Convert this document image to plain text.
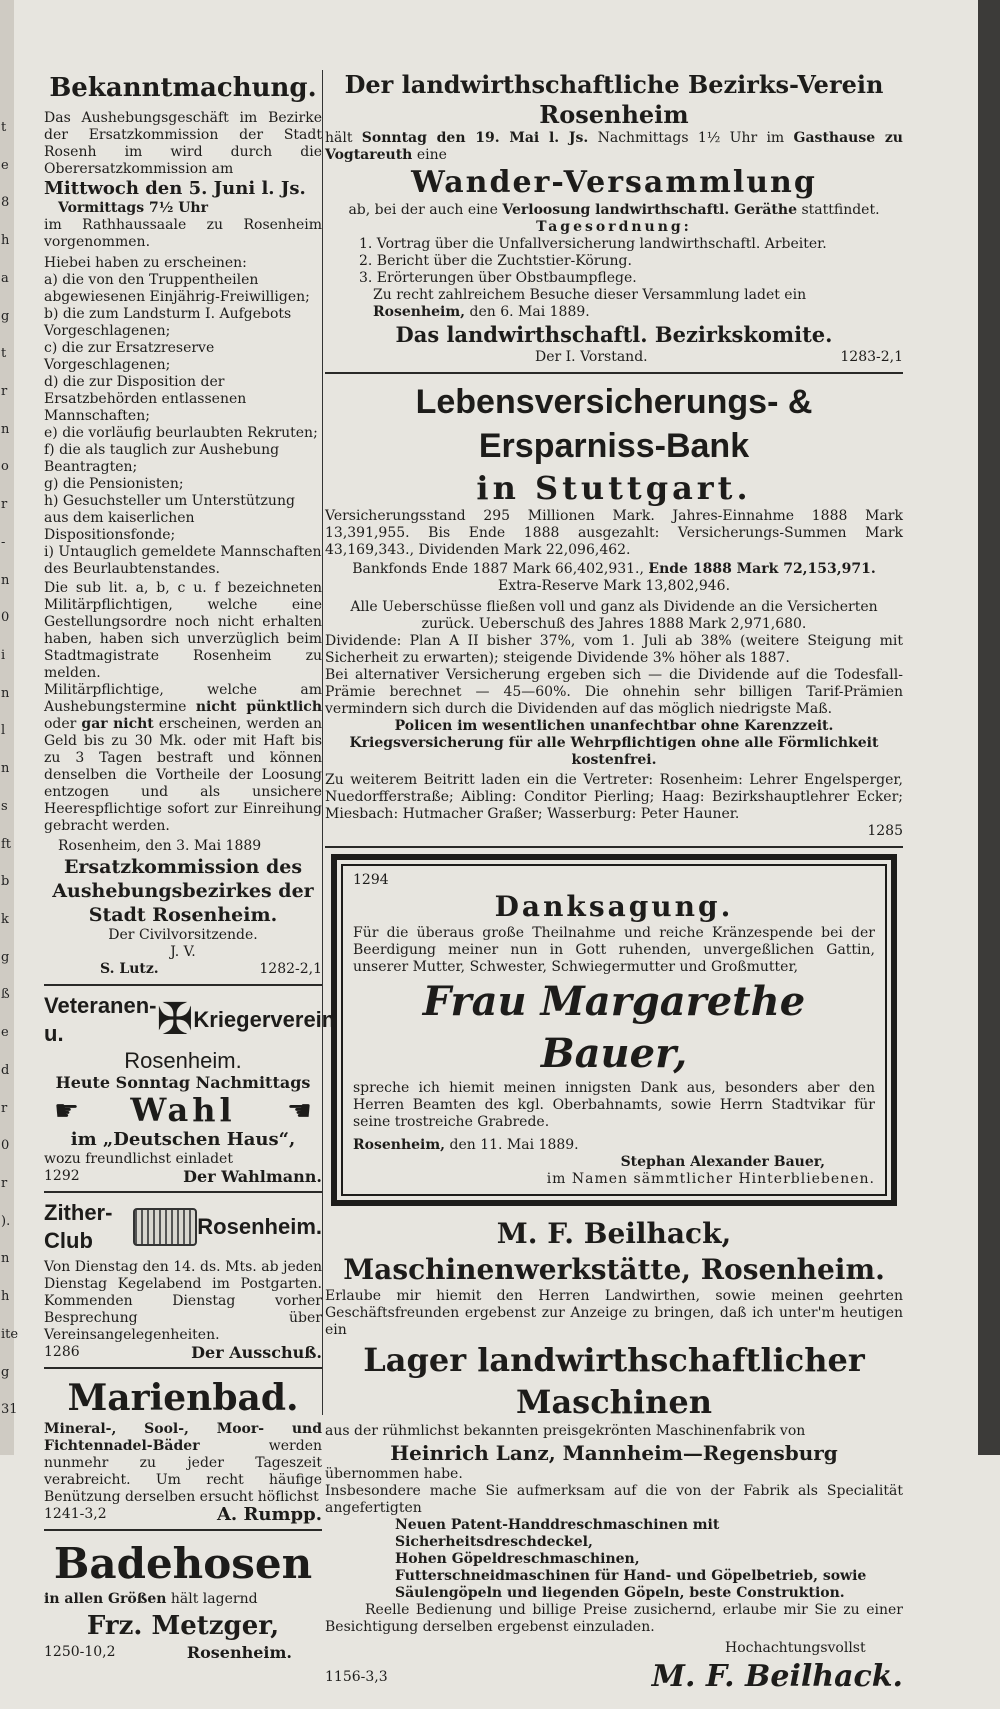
t
e
8
h
a
g
t
r
n
o
r
-
n
0
i
n
l
n
s
ft
b
k
g
ß
e
d
r
0
r
).
n
h
ite
g
31
Bekanntmachung.

Das Aushebungsgeschäft im Bezirke der Ersatzkommission der Stadt Rosenh im wird durch die Oberersatzkommission am

Mittwoch den 5. Juni l. Js.

Vormittags 7½ Uhr

im Rathhaussaale zu Rosenheim vorgenommen.

Hiebei haben zu erscheinen:

a) die von den Truppentheilen abgewiesenen Einjährig-Freiwilligen;
b) die zum Landsturm I. Aufgebots Vorgeschlagenen;
c) die zur Ersatzreserve Vorgeschlagenen;
d) die zur Disposition der Ersatzbehörden entlassenen Mannschaften;
e) die vorläufig beurlaubten Rekruten;
f) die als tauglich zur Aushebung Beantragten;
g) die Pensionisten;
h) Gesuchsteller um Unterstützung aus dem kaiserlichen Dispositionsfonde;
i) Untauglich gemeldete Mannschaften des Beurlaubtenstandes.

Die sub lit. a, b, c u. f bezeichneten Militärpflichtigen, welche eine Gestellungsordre noch nicht erhalten haben, haben sich unverzüglich beim Stadtmagistrate Rosenheim zu melden.

Militärpflichtige, welche am Aushebungstermine nicht pünktlich oder gar nicht erscheinen, werden an Geld bis zu 30 Mk. oder mit Haft bis zu 3 Tagen bestraft und können denselben die Vortheile der Loosung entzogen und als unsichere Heerespflichtige sofort zur Einreihung gebracht werden.

Rosenheim, den 3. Mai 1889

Ersatzkommission des Aushebungsbezirkes der Stadt Rosenheim.

Der Civilvorsitzende.

J. V.

S. Lutz.	1282-2,1
Veteranen- u.	✠ Kriegerverein

Rosenheim.

Heute Sonntag Nachmittags

☛ Wahl ☚

im „Deutschen Haus“,

wozu freundlichst einladet

1292	Der Wahlmann.
Zither-Club
Rosenheim.

Von Dienstag den 14. ds. Mts. ab jeden Dienstag Kegelabend im Postgarten. Kommenden Dienstag vorher Besprechung über Vereinsangelegenheiten.

1286	Der Ausschuß.
Marienbad.

Mineral-, Sool-, Moor- und Fichtennadel-Bäder	werden nunmehr zu jeder Tageszeit verabreicht. Um recht häufige Benützung derselben ersucht höflichst

1241-3,2	A. Rumpp.
Badehosen

in allen Größen hält lagernd

Frz. Metzger,

1250-10,2	Rosenheim.
Der landwirthschaftliche Bezirks-Verein Rosenheim

hält Sonntag den 19. Mai l. Js. Nachmittags 1½ Uhr im Gasthause zu Vogtareuth eine

Wander-Versammlung

ab, bei der auch eine Verloosung landwirthschaftl. Geräthe stattfindet.

Tagesordnung:

1. Vortrag über die Unfallversicherung landwirthschaftl. Arbeiter.
2. Bericht über die Zuchtstier-Körung.
3. Erörterungen über Obstbaumpflege.

Zu recht zahlreichem Besuche dieser Versammlung ladet ein

Rosenheim, den 6. Mai 1889.

Das landwirthschaftl. Bezirkskomite.
Der I. Vorstand.	1283-2,1
Lebensversicherungs- & Ersparniss-Bank
in Stuttgart.

Versicherungsstand 295 Millionen Mark. Jahres-Einnahme 1888 Mark 13,391,955. Bis Ende 1888 ausgezahlt: Versicherungs-Summen Mark 43,169,343., Dividenden Mark 22,096,462.

Bankfonds Ende 1887 Mark 66,402,931., Ende 1888 Mark 72,153,971.
Extra-Reserve Mark 13,802,946.

Alle Ueberschüsse fließen voll und ganz als Dividende an die Versicherten zurück. Ueberschuß des Jahres 1888 Mark 2,971,680.

Dividende: Plan A II bisher 37%, vom 1. Juli ab 38% (weitere Steigung mit Sicherheit zu erwarten); steigende Dividende 3% höher als 1887.

Bei alternativer Versicherung ergeben sich — die Dividende auf die Todesfall-Prämie berechnet — 45—60%. Die ohnehin sehr billigen Tarif-Prämien vermindern sich durch die Dividenden auf das möglich niedrigste Maß.

Policen im wesentlichen unanfechtbar ohne Karenzzeit.

Kriegsversicherung für alle Wehrpflichtigen ohne alle Förmlichkeit kostenfrei.

Zu weiterem Beitritt laden ein die Vertreter: Rosenheim: Lehrer Engelsperger, Nuedorfferstraße; Aibling: Conditor Pierling; Haag: Bezirkshauptlehrer Ecker; Miesbach: Hutmacher Graßer; Wasserburg: Peter Hauner.

1285

1294

Danksagung.

Für die überaus große Theilnahme und reiche Kränzespende bei der Beerdigung meiner nun in Gott ruhenden, unvergeßlichen Gattin, unserer Mutter, Schwester, Schwiegermutter und Großmutter,

Frau Margarethe Bauer,

spreche ich hiemit meinen innigsten Dank aus, besonders aber den Herren Beamten des kgl. Oberbahnamts, sowie Herrn Stadtvikar für seine trostreiche Grabrede.

Rosenheim, den 11. Mai 1889.

Stephan Alexander Bauer,

im Namen sämmtlicher Hinterbliebenen.

M. F. Beilhack, Maschinenwerkstätte, Rosenheim.

Erlaube mir hiemit den Herren Landwirthen, sowie meinen geehrten Geschäftsfreunden ergebenst zur Anzeige zu bringen, daß ich unter'm heutigen ein

Lager landwirthschaftlicher Maschinen

aus der rühmlichst bekannten preisgekrönten Maschinenfabrik von

Heinrich Lanz, Mannheim—Regensburg

übernommen habe.

Insbesondere mache Sie aufmerksam auf die von der Fabrik als Specialität angefertigten

Neuen Patent-Handdreschmaschinen mit Sicherheitsdreschdeckel,
Hohen Göpeldreschmaschinen,
Futterschneidmaschinen für Hand- und Göpelbetrieb, sowie
Säulengöpeln und liegenden Göpeln, beste Construktion.

Reelle Bedienung und billige Preise zusichernd, erlaube mir Sie zu einer Besichtigung derselben ergebenst einzuladen.

Hochachtungsvollst

1156-3,3	M. F. Beilhack.
